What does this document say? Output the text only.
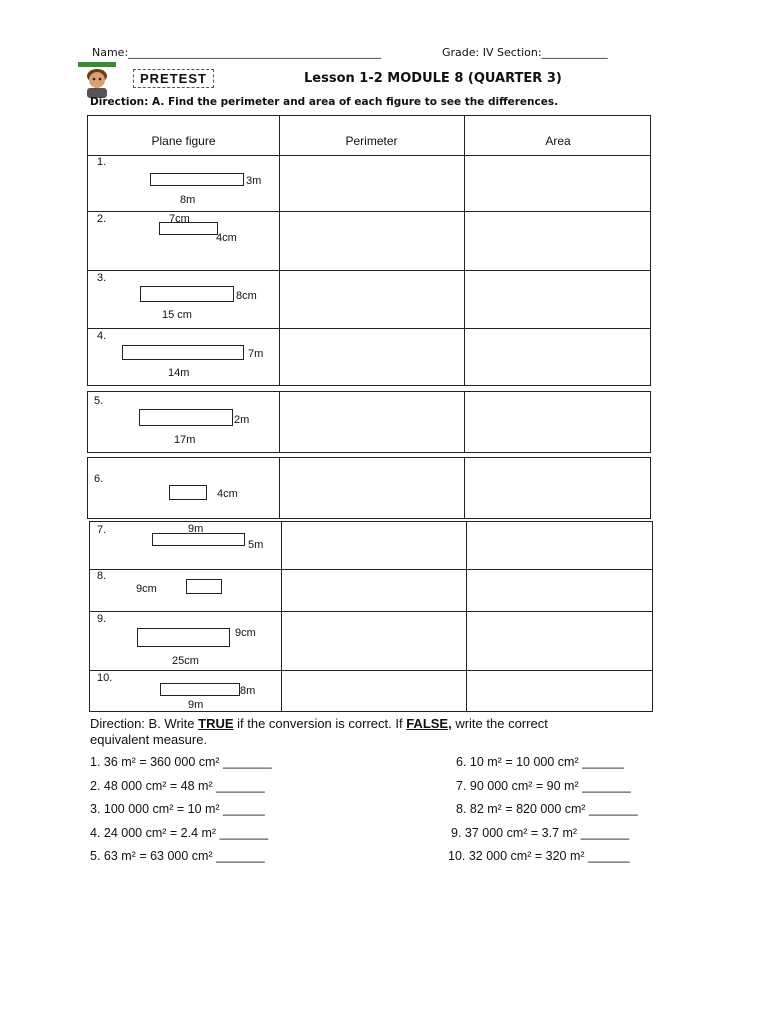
Name:______________________________________________	Grade: IV Section:____________
PRETEST	Lesson 1-2 MODULE 8 (QUARTER 3)
Direction: A. Find the perimeter and area of each figure to see the differences.
Plane figure	Perimeter	Area
1.
3m
8m
2.	7cm
4cm
3.
8cm
15 cm
4.
7m
14m
5.
2m
17m
6.
4cm
7.	9m
5m
8.
9cm
9.
9cm
25cm
10.
8m
9m
Direction: B. Write TRUE if the conversion is correct. If FALSE, write the correct
equivalent measure.
1. 36 m² = 360 000 cm² _______
2. 48 000 cm² = 48 m² _______
3. 100 000 cm² = 10 m² ______
4. 24 000 cm² = 2.4 m² _______
5. 63 m² = 63 000 cm² _______
6. 10 m² = 10 000 cm² ______
7. 90 000 cm² = 90 m² _______
8. 82 m² = 820 000 cm² _______
9. 37 000 cm² = 3.7 m² _______
10. 32 000 cm² = 320 m² ______
